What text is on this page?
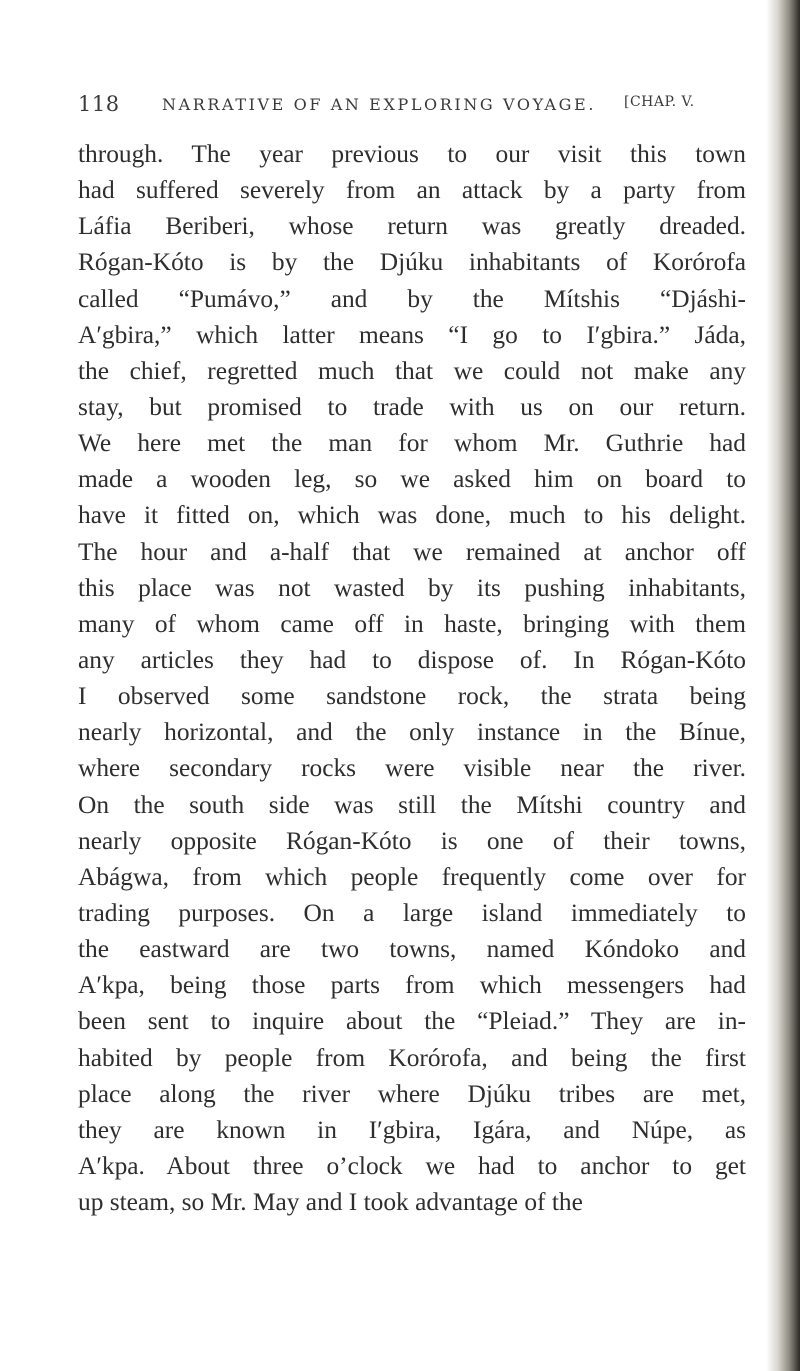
118	NARRATIVE OF AN EXPLORING VOYAGE. [CHAP. V.
through. The year previous to our visit this town
had suffered severely from an attack by a party from
Láfia Beriberi, whose return was greatly dreaded.
Rógan-Kóto is by the Djúku inhabitants of Korórofa
called “Pumávo,” and by the Mítshis “Djáshi-
A′gbira,” which latter means “I go to I′gbira.” Jáda,
the chief, regretted much that we could not make any
stay, but promised to trade with us on our return.
We here met the man for whom Mr. Guthrie had
made a wooden leg, so we asked him on board to
have it fitted on, which was done, much to his delight.
The hour and a-half that we remained at anchor off
this place was not wasted by its pushing inhabitants,
many of whom came off in haste, bringing with them
any articles they had to dispose of. In Rógan-Kóto
I observed some sandstone rock, the strata being
nearly horizontal, and the only instance in the Bínue,
where secondary rocks were visible near the river.
On the south side was still the Mítshi country and
nearly opposite Rógan-Kóto is one of their towns,
Abágwa, from which people frequently come over for
trading purposes. On a large island immediately to
the eastward are two towns, named Kóndoko and
A′kpa, being those parts from which messengers had
been sent to inquire about the “Pleiad.” They are in-
habited by people from Korórofa, and being the first
place along the river where Djúku tribes are met,
they are known in I′gbira, Igára, and Núpe, as
A′kpa. About three o’clock we had to anchor to get
up steam, so Mr. May and I took advantage of the
